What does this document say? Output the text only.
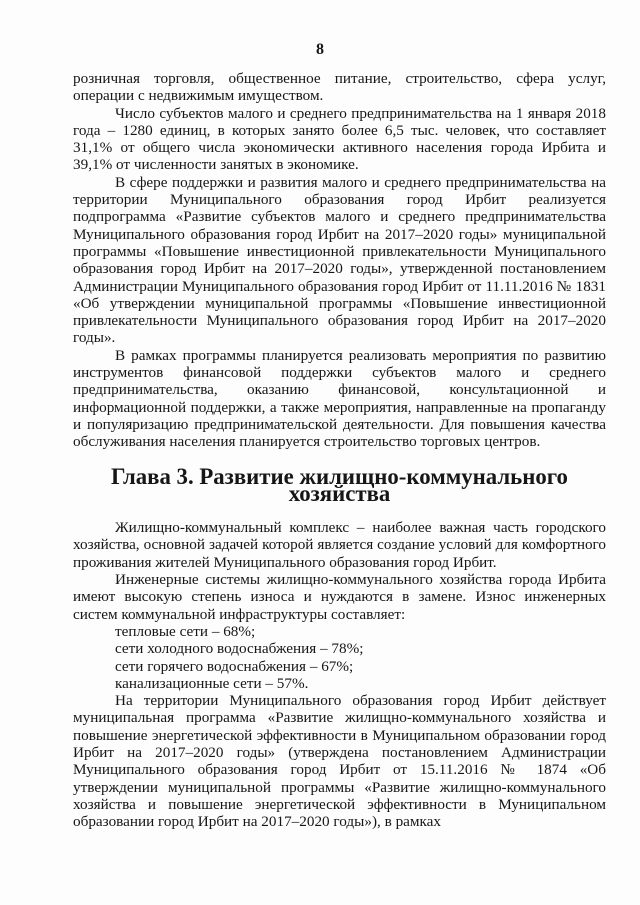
8

розничная торговля, общественное питание, строительство, сфера услуг, операции с недвижимым имуществом.

Число субъектов малого и среднего предпринимательства на 1 января 2018 года – 1280 единиц, в которых занято более 6,5 тыс. человек, что составляет 31,1% от общего числа экономически активного населения города Ирбита и 39,1% от численности занятых в экономике.

В сфере поддержки и развития малого и среднего предпринимательства на территории Муниципального образования город Ирбит реализуется подпрограмма «Развитие субъектов малого и среднего предпринимательства Муниципального образования город Ирбит на 2017–2020 годы» муниципальной программы «Повышение инвестиционной привлекательности Муниципального образования город Ирбит на 2017–2020 годы», утвержденной постановлением Администрации Муниципального образования город Ирбит от 11.11.2016 № 1831 «Об утверждении муниципальной программы «Повышение инвестиционной привлекательности Муниципального образования город Ирбит на 2017–2020 годы».

В рамках программы планируется реализовать мероприятия по развитию инструментов финансовой поддержки субъектов малого и среднего предпринимательства, оказанию финансовой, консультационной и информационной поддержки, а также мероприятия, направленные на пропаганду и популяризацию предпринимательской деятельности. Для повышения качества обслуживания населения планируется строительство торговых центров.

Глава 3. Развитие жилищно-коммунального хозяйства

Жилищно-коммунальный комплекс – наиболее важная часть городского хозяйства, основной задачей которой является создание условий для комфортного проживания жителей Муниципального образования город Ирбит.

Инженерные системы жилищно-коммунального хозяйства города Ирбита имеют высокую степень износа и нуждаются в замене. Износ инженерных систем коммунальной инфраструктуры составляет:

тепловые сети – 68%;

сети холодного водоснабжения – 78%;

сети горячего водоснабжения – 67%;

канализационные сети – 57%.

На территории Муниципального образования город Ирбит действует муниципальная программа «Развитие жилищно-коммунального хозяйства и повышение энергетической эффективности в Муниципальном образовании город Ирбит на 2017–2020 годы» (утверждена постановлением Администрации Муниципального образования город Ирбит от 15.11.2016 № 1874 «Об утверждении муниципальной программы «Развитие жилищно-коммунального хозяйства и повышение энергетической эффективности в Муниципальном образовании город Ирбит на 2017–2020 годы»), в рамках
